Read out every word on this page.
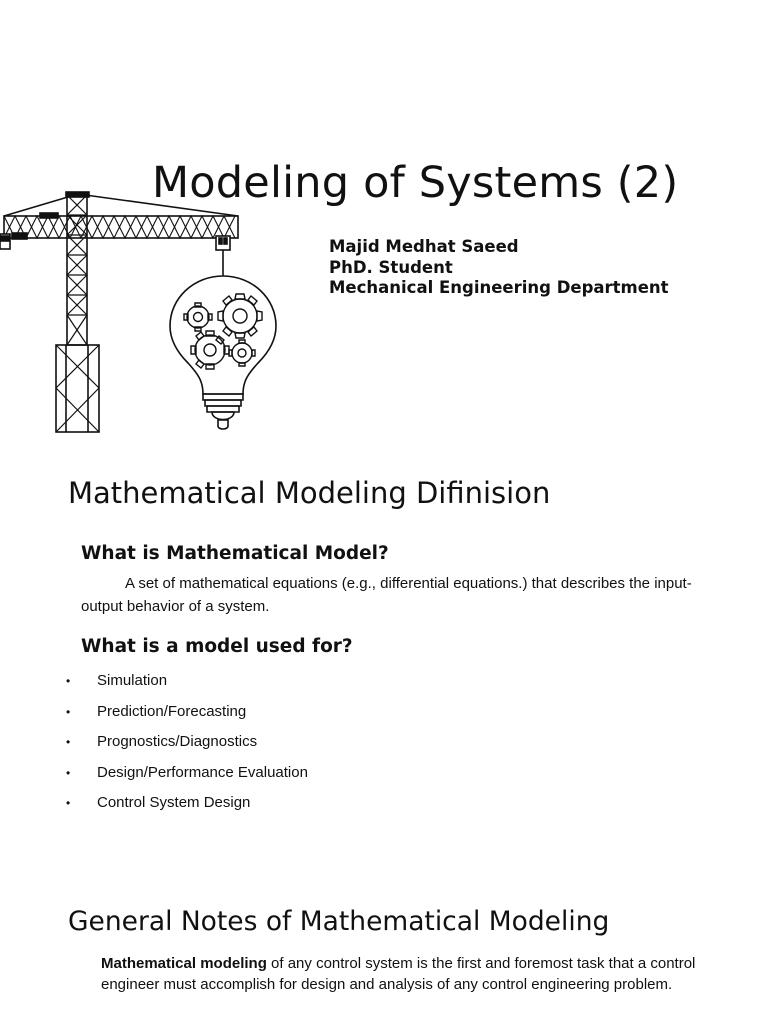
Modeling of Systems (2)
Majid Medhat Saeed
PhD. Student
Mechanical Engineering Department
Mathematical Modeling Difinision
What is Mathematical Model?
A set of mathematical equations (e.g., differential equations.) that describes the input-output behavior of a system.
What is a model used for?
•	Simulation
•	Prediction/Forecasting
•	Prognostics/Diagnostics
•	Design/Performance Evaluation
•	Control System Design
General Notes of Mathematical Modeling
Mathematical modeling of any control system is the first and foremost task that a control engineer must accomplish for design and analysis of any control engineering problem.
